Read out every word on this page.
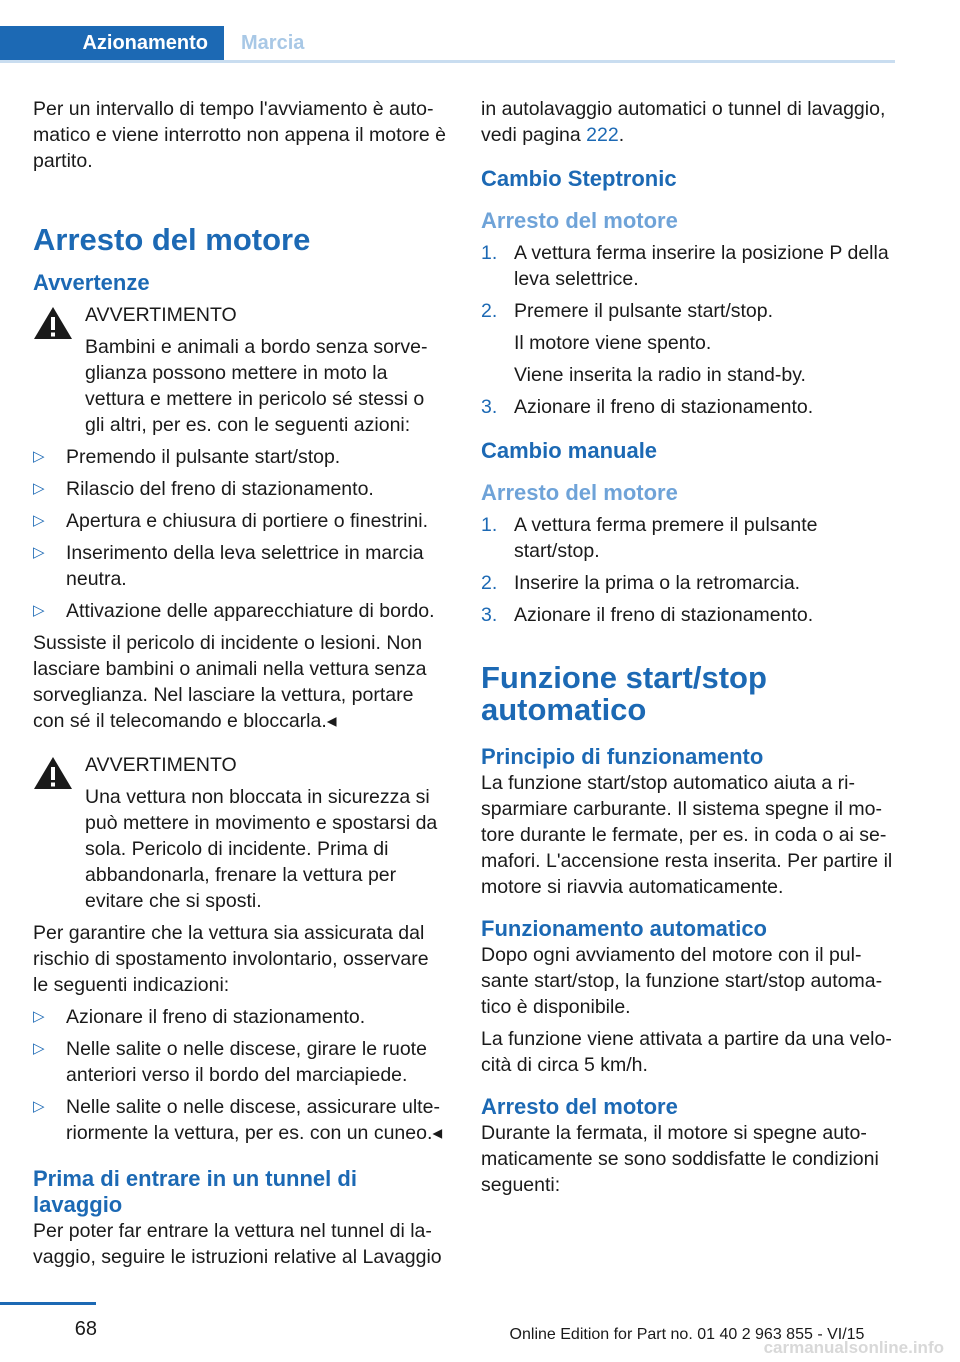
Azionamento	Marcia

Per un intervallo di tempo l'avviamento è automatico e viene interrotto non appena il motore è partito.

Arresto del motore
Avvertenze
AVVERTIMENTO
Bambini e animali a bordo senza sorveglianza possono mettere in moto la vettura e mettere in pericolo sé stessi o gli altri, per es. con le seguenti azioni:
▷ Premendo il pulsante start/stop.
▷ Rilascio del freno di stazionamento.
▷ Apertura e chiusura di portiere o finestrini.
▷ Inserimento della leva selettrice in marcia neutra.
▷ Attivazione delle apparecchiature di bordo.

Sussiste il pericolo di incidente o lesioni. Non lasciare bambini o animali nella vettura senza sorveglianza. Nel lasciare la vettura, portare con sé il telecomando e bloccarla.◂

AVVERTIMENTO
Una vettura non bloccata in sicurezza si può mettere in movimento e spostarsi da sola. Pericolo di incidente. Prima di abbandonarla, frenare la vettura per evitare che si sposti.

Per garantire che la vettura sia assicurata dal rischio di spostamento involontario, osservare le seguenti indicazioni:

▷ Azionare il freno di stazionamento.
▷ Nelle salite o nelle discese, girare le ruote anteriori verso il bordo del marciapiede.
▷ Nelle salite o nelle discese, assicurare ulteriormente la vettura, per es. con un cuneo.◂
Prima di entrare in un tunnel di lavaggio

Per poter far entrare la vettura nel tunnel di lavaggio, seguire le istruzioni relative al Lavaggio

in autolavaggio automatici o tunnel di lavaggio, vedi pagina 222.

Cambio Steptronic
Arresto del motore
1. A vettura ferma inserire la posizione P della leva selettrice.
2. Premere il pulsante start/stop.
Il motore viene spento.
Viene inserita la radio in stand-by.
3. Azionare il freno di stazionamento.
Cambio manuale
Arresto del motore
1. A vettura ferma premere il pulsante start/stop.
2. Inserire la prima o la retromarcia.
3. Azionare il freno di stazionamento.
Funzione start/stop automatico
Principio di funzionamento

La funzione start/stop automatico aiuta a risparmiare carburante. Il sistema spegne il motore durante le fermate, per es. in coda o ai semafori. L'accensione resta inserita. Per partire il motore si riavvia automaticamente.

Funzionamento automatico

Dopo ogni avviamento del motore con il pulsante start/stop, la funzione start/stop automatico è disponibile.

La funzione viene attivata a partire da una velocità di circa 5 km/h.

Arresto del motore

Durante la fermata, il motore si spegne automaticamente se sono soddisfatte le condizioni seguenti:

68	Online Edition for Part no. 01 40 2 963 855 - VI/15
carmanualsonline.info
